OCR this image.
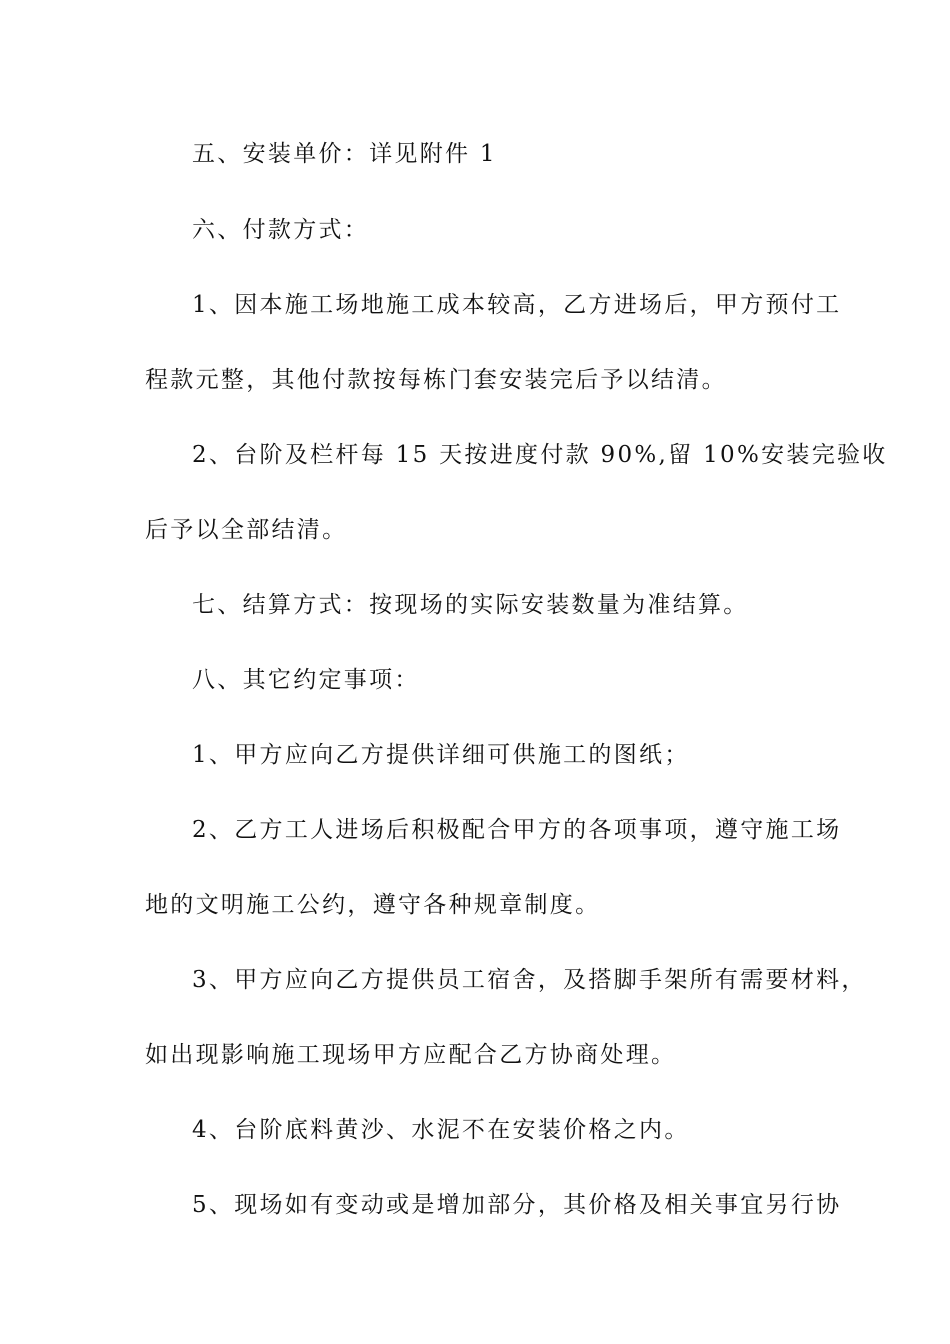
五、安装单价：详见附件 1
六、付款方式：
1、因本施工场地施工成本较高，乙方进场后，甲方预付工
程款元整，其他付款按每栋门套安装完后予以结清。
2、台阶及栏杆每 15 天按进度付款 90%,留 10%安装完验收
后予以全部结清。
七、结算方式：按现场的实际安装数量为准结算。
八、其它约定事项：
1、甲方应向乙方提供详细可供施工的图纸；
2、乙方工人进场后积极配合甲方的各项事项，遵守施工场
地的文明施工公约，遵守各种规章制度。
3、甲方应向乙方提供员工宿舍，及搭脚手架所有需要材料，
如出现影响施工现场甲方应配合乙方协商处理。
4、台阶底料黄沙、水泥不在安装价格之内。
5、现场如有变动或是增加部分，其价格及相关事宜另行协
